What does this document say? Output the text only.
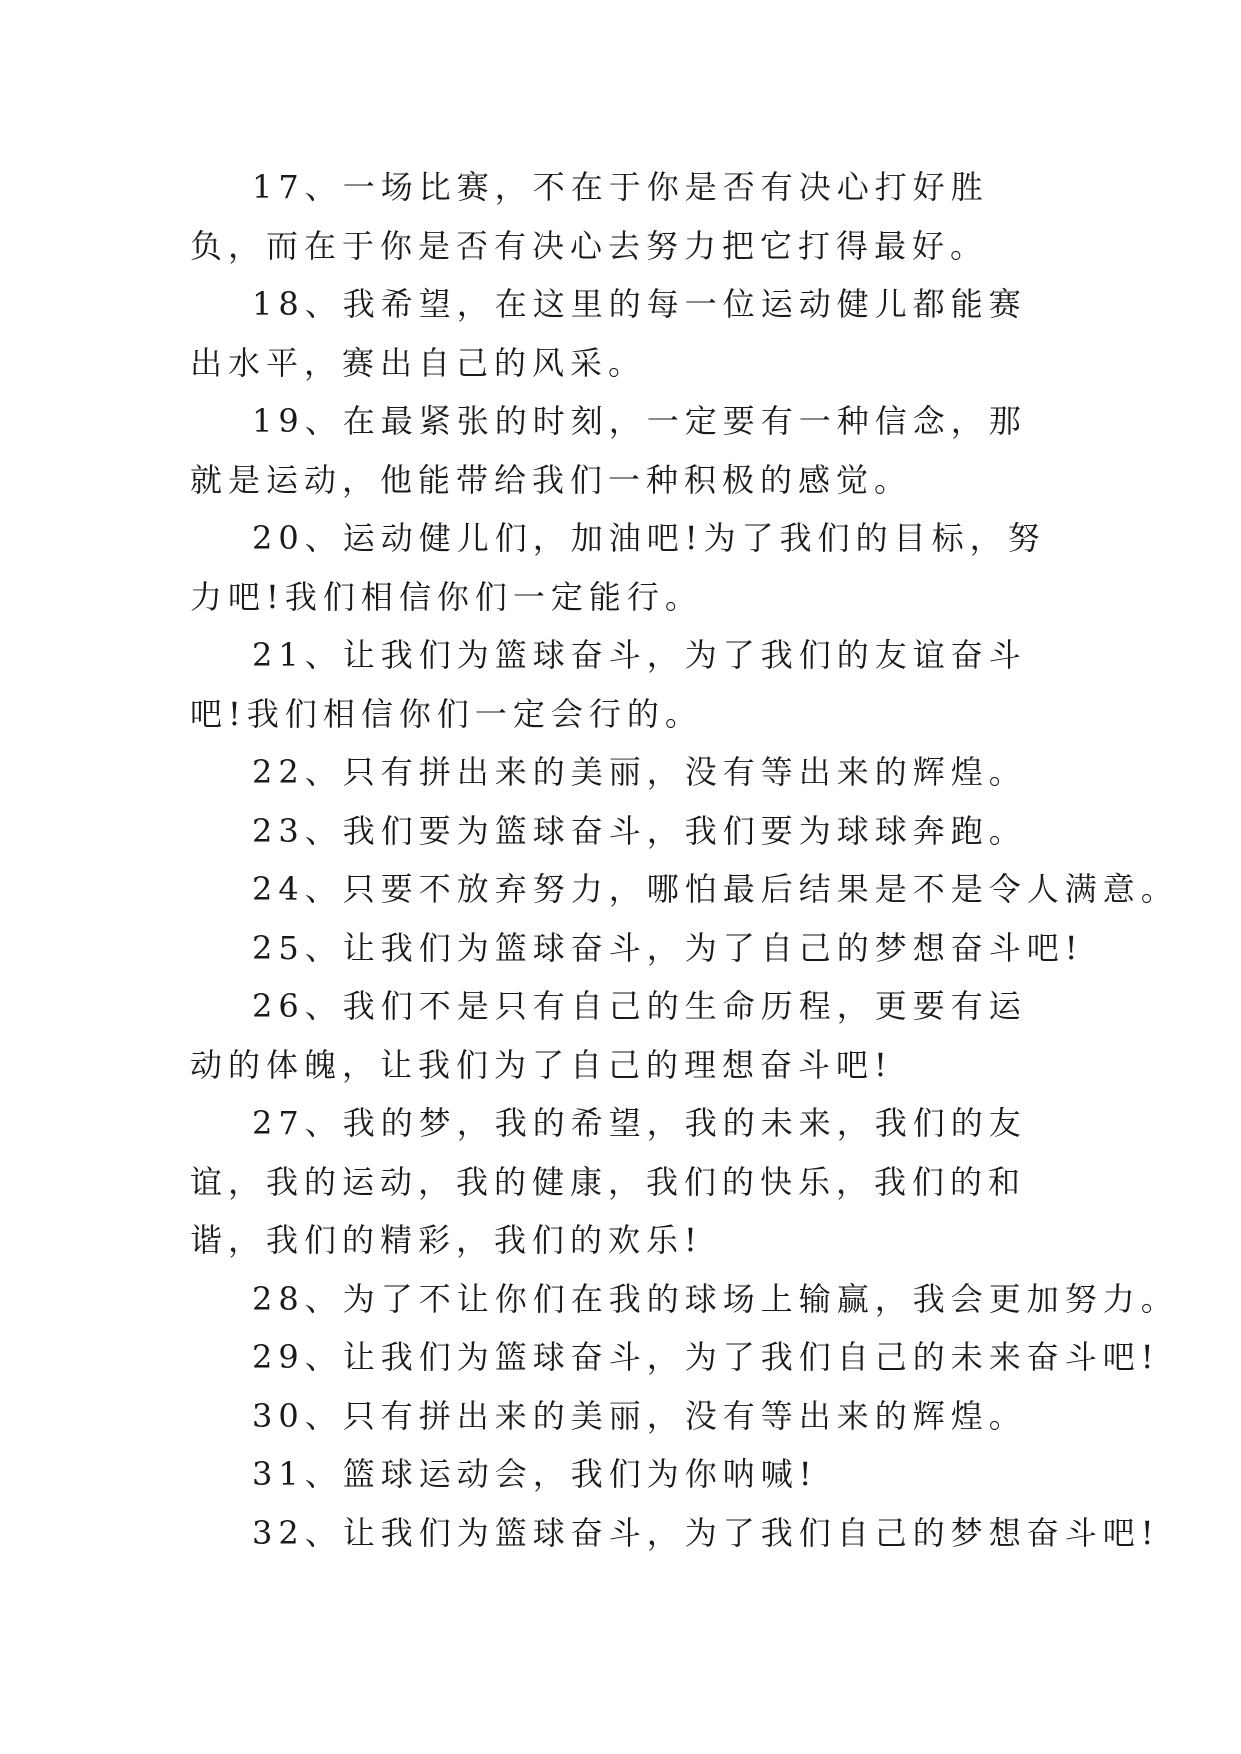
17、一场比赛，不在于你是否有决心打好胜负，而在于你是否有决心去努力把它打得最好。

18、我希望，在这里的每一位运动健儿都能赛出水平，赛出自己的风采。

19、在最紧张的时刻，一定要有一种信念，那就是运动，他能带给我们一种积极的感觉。

20、运动健儿们，加油吧!为了我们的目标，努力吧!我们相信你们一定能行。

21、让我们为篮球奋斗，为了我们的友谊奋斗吧!我们相信你们一定会行的。

22、只有拼出来的美丽，没有等出来的辉煌。

23、我们要为篮球奋斗，我们要为球球奔跑。

24、只要不放弃努力，哪怕最后结果是不是令人满意。

25、让我们为篮球奋斗，为了自己的梦想奋斗吧!

26、我们不是只有自己的生命历程，更要有运动的体魄，让我们为了自己的理想奋斗吧!

27、我的梦，我的希望，我的未来，我们的友谊，我的运动，我的健康，我们的快乐，我们的和谐，我们的精彩，我们的欢乐!

28、为了不让你们在我的球场上输赢，我会更加努力。

29、让我们为篮球奋斗，为了我们自己的未来奋斗吧!

30、只有拼出来的美丽，没有等出来的辉煌。

31、篮球运动会，我们为你呐喊!

32、让我们为篮球奋斗，为了我们自己的梦想奋斗吧!
